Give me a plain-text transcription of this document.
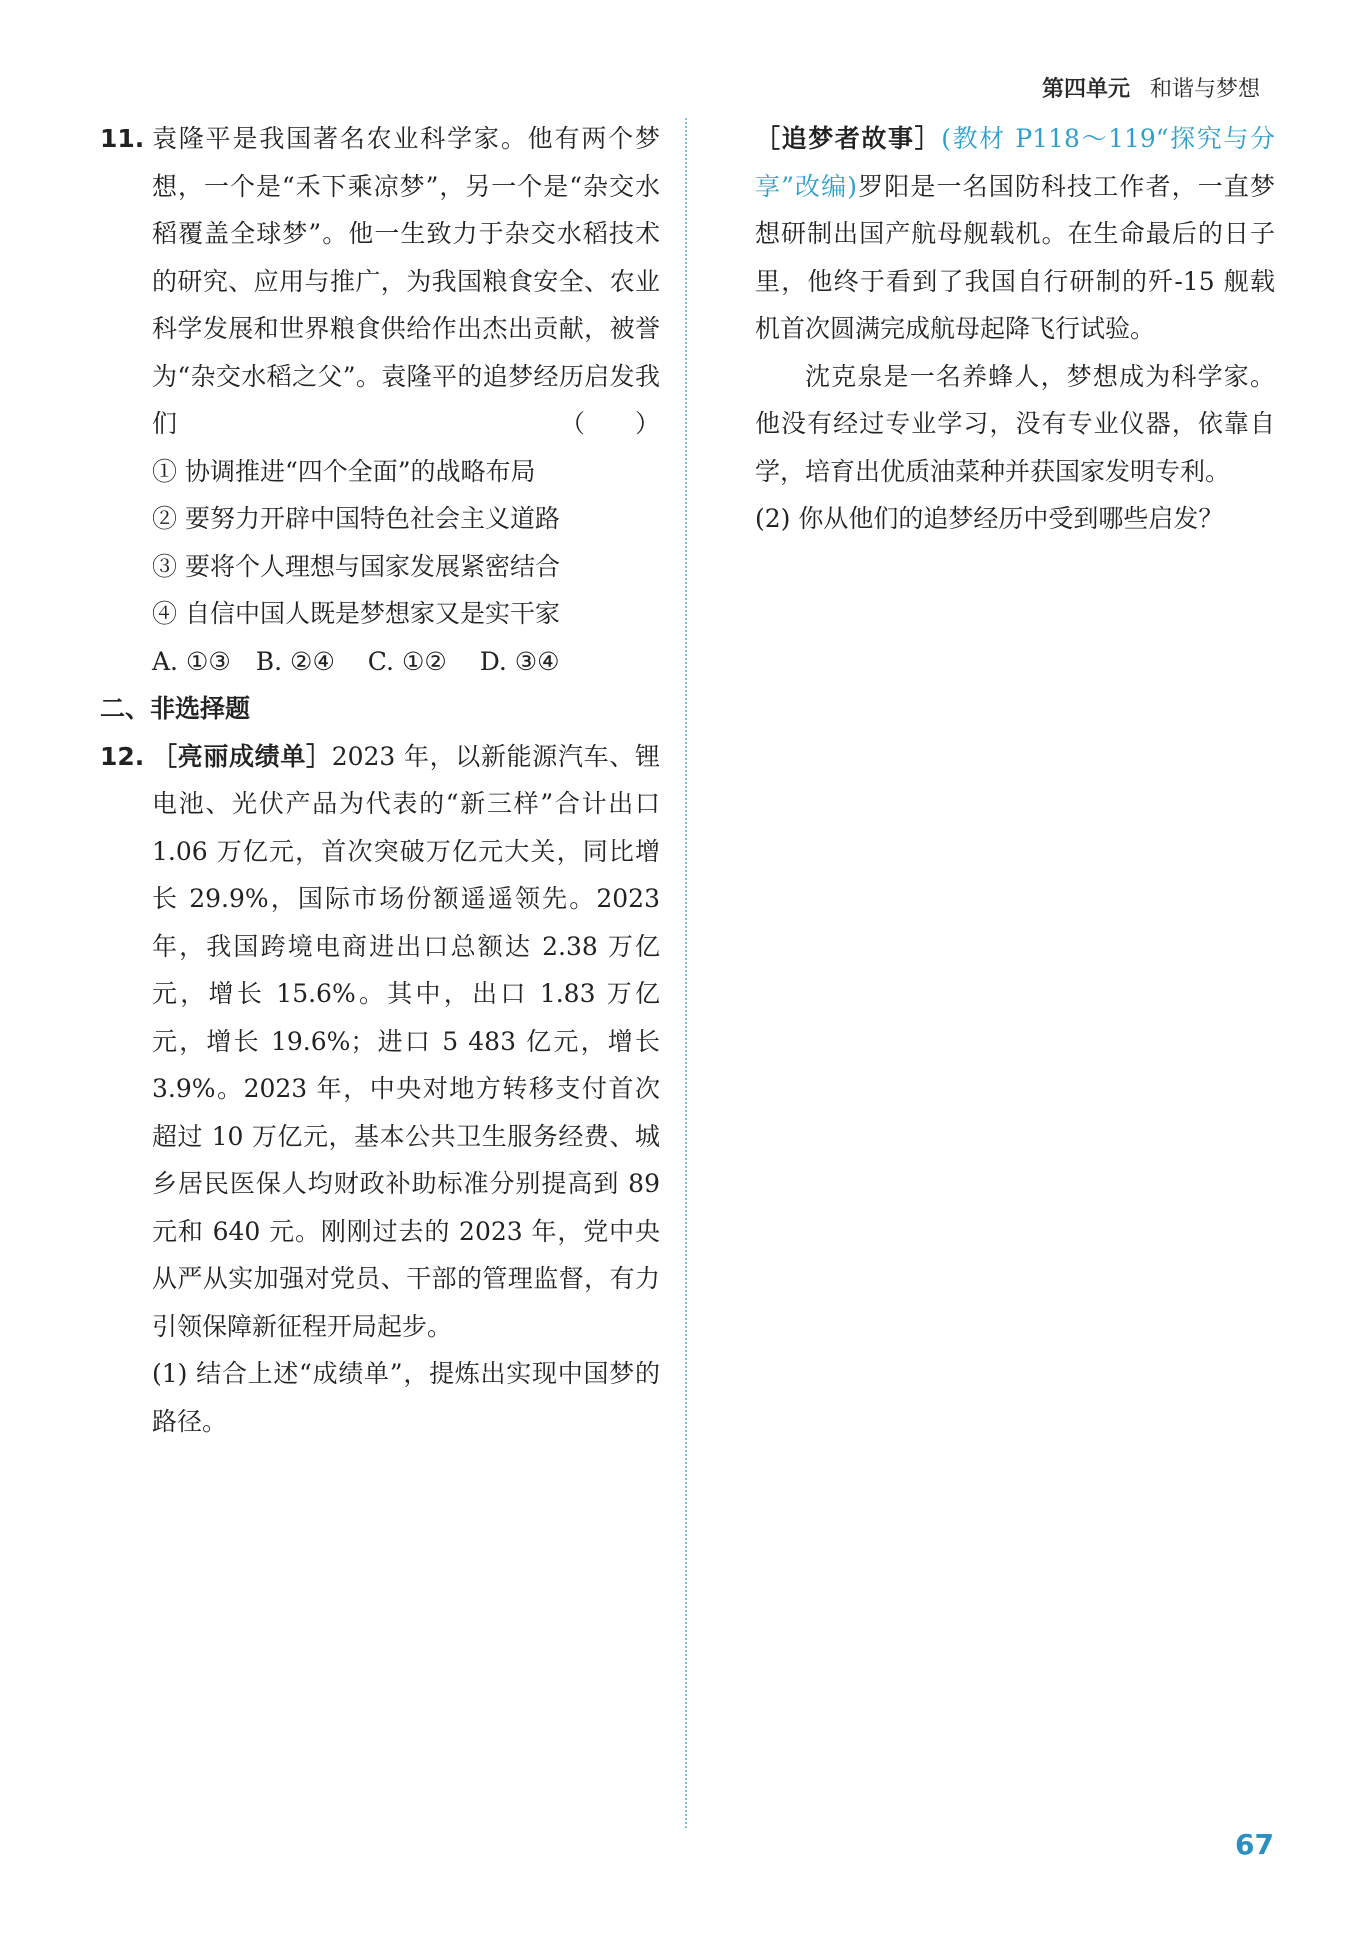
第四单元 和谐与梦想
11. 袁隆平是我国著名农业科学家。他有两个梦想，一个是“禾下乘凉梦”，另一个是“杂交水稻覆盖全球梦”。他一生致力于杂交水稻技术的研究、应用与推广，为我国粮食安全、农业科学发展和世界粮食供给作出杰出贡献，被誉为“杂交水稻之父”。袁隆平的追梦经历启发我们	（　　）
① 协调推进“四个全面”的战略布局
② 要努力开辟中国特色社会主义道路
③ 要将个人理想与国家发展紧密结合
④ 自信中国人既是梦想家又是实干家
A. ①③　B. ②④　 C. ①②　 D. ③④
二、非选择题
12. ［亮丽成绩单］2023 年，以新能源汽车、锂电池、光伏产品为代表的“新三样”合计出口 1.06 万亿元，首次突破万亿元大关，同比增长 29.9%，国际市场份额遥遥领先。2023 年，我国跨境电商进出口总额达 2.38 万亿元，增长 15.6%。其中，出口 1.83 万亿元，增长 19.6%；进口 5 483 亿元，增长 3.9%。2023 年，中央对地方转移支付首次超过 10 万亿元，基本公共卫生服务经费、城乡居民医保人均财政补助标准分别提高到 89 元和 640 元。刚刚过去的 2023 年，党中央从严从实加强对党员、干部的管理监督，有力引领保障新征程开局起步。
(1) 结合上述“成绩单”，提炼出实现中国梦的路径。
［追梦者故事］(教材 P118～119“探究与分享”改编)罗阳是一名国防科技工作者，一直梦想研制出国产航母舰载机。在生命最后的日子里，他终于看到了我国自行研制的歼-15 舰载机首次圆满完成航母起降飞行试验。
沈克泉是一名养蜂人，梦想成为科学家。他没有经过专业学习，没有专业仪器，依靠自学，培育出优质油菜种并获国家发明专利。
(2) 你从他们的追梦经历中受到哪些启发？
67
